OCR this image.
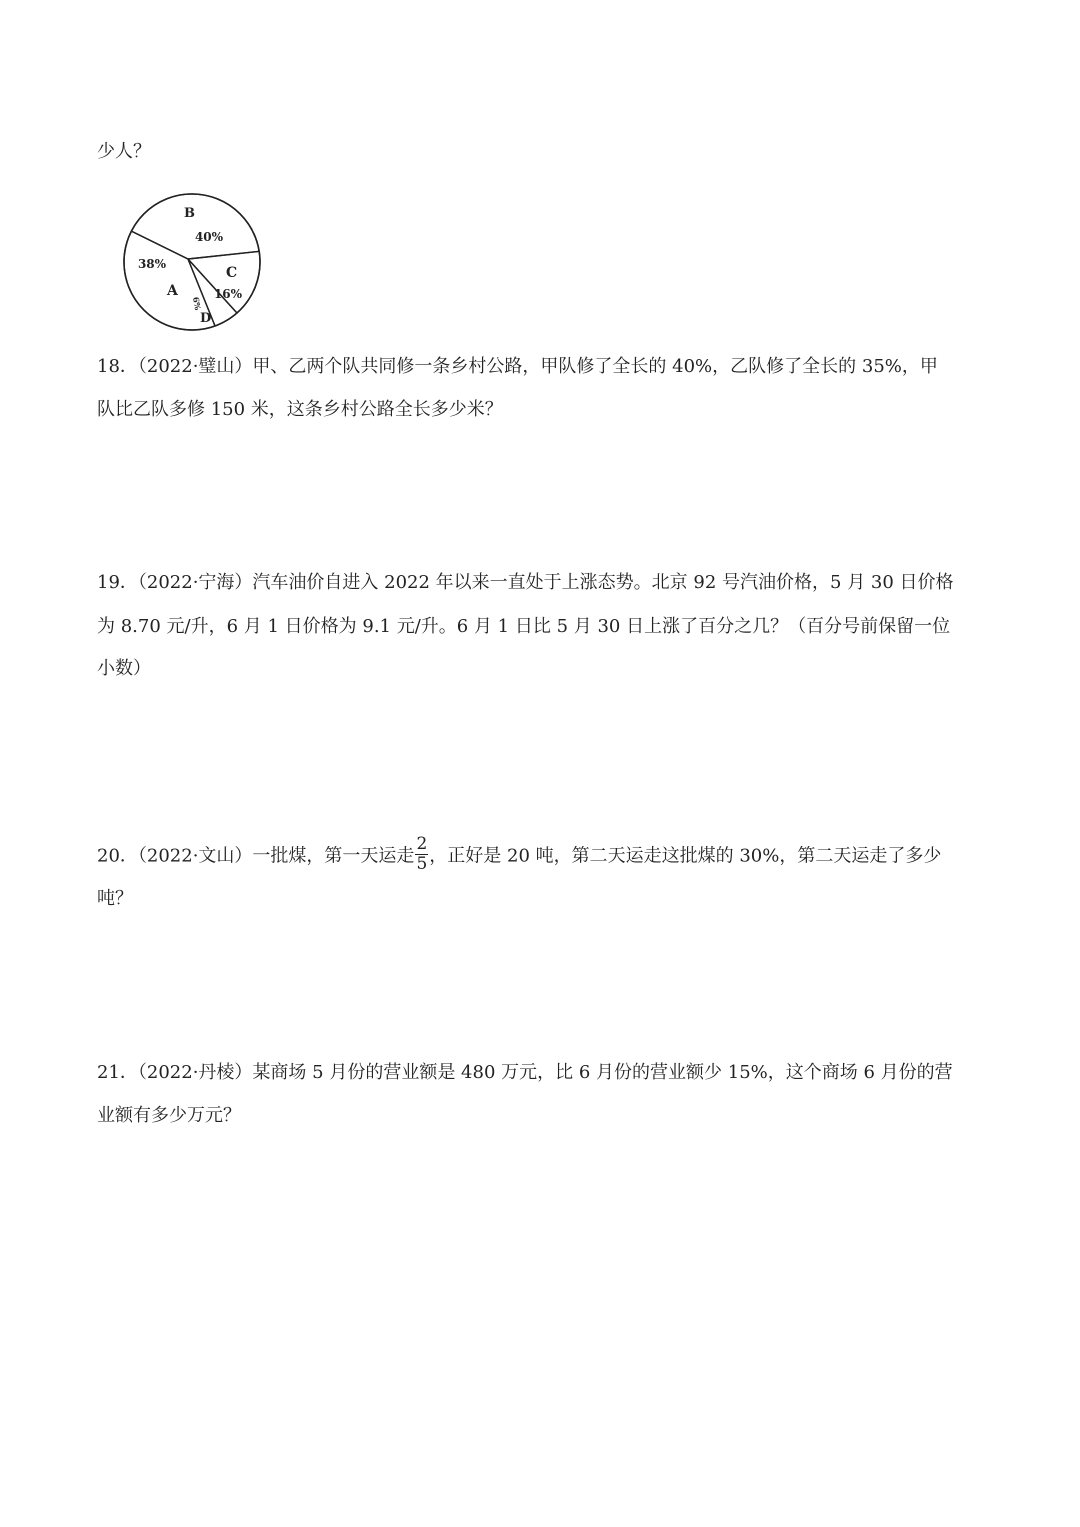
少人？
B
40%
C
16%
D
6%
A
38%
18．（2022·璧山）甲、乙两个队共同修一条乡村公路，甲队修了全长的 40%，乙队修了全长的 35%，甲
队比乙队多修 150 米，这条乡村公路全长多少米？
19．（2022·宁海）汽车油价自进入 2022 年以来一直处于上涨态势。北京 92 号汽油价格，5 月 30 日价格
为 8.70 元/升，6 月 1 日价格为 9.1 元/升。6 月 1 日比 5 月 30 日上涨了百分之几？（百分号前保留一位
小数）
20．（2022·文山）一批煤，第一天运走 $\frac{2}{5}$ ，正好是 20 吨，第二天运走这批煤的 30%，第二天运走了多少
吨？
21．（2022·丹棱）某商场 5 月份的营业额是 480 万元，比 6 月份的营业额少 15%，这个商场 6 月份的营
业额有多少万元？
